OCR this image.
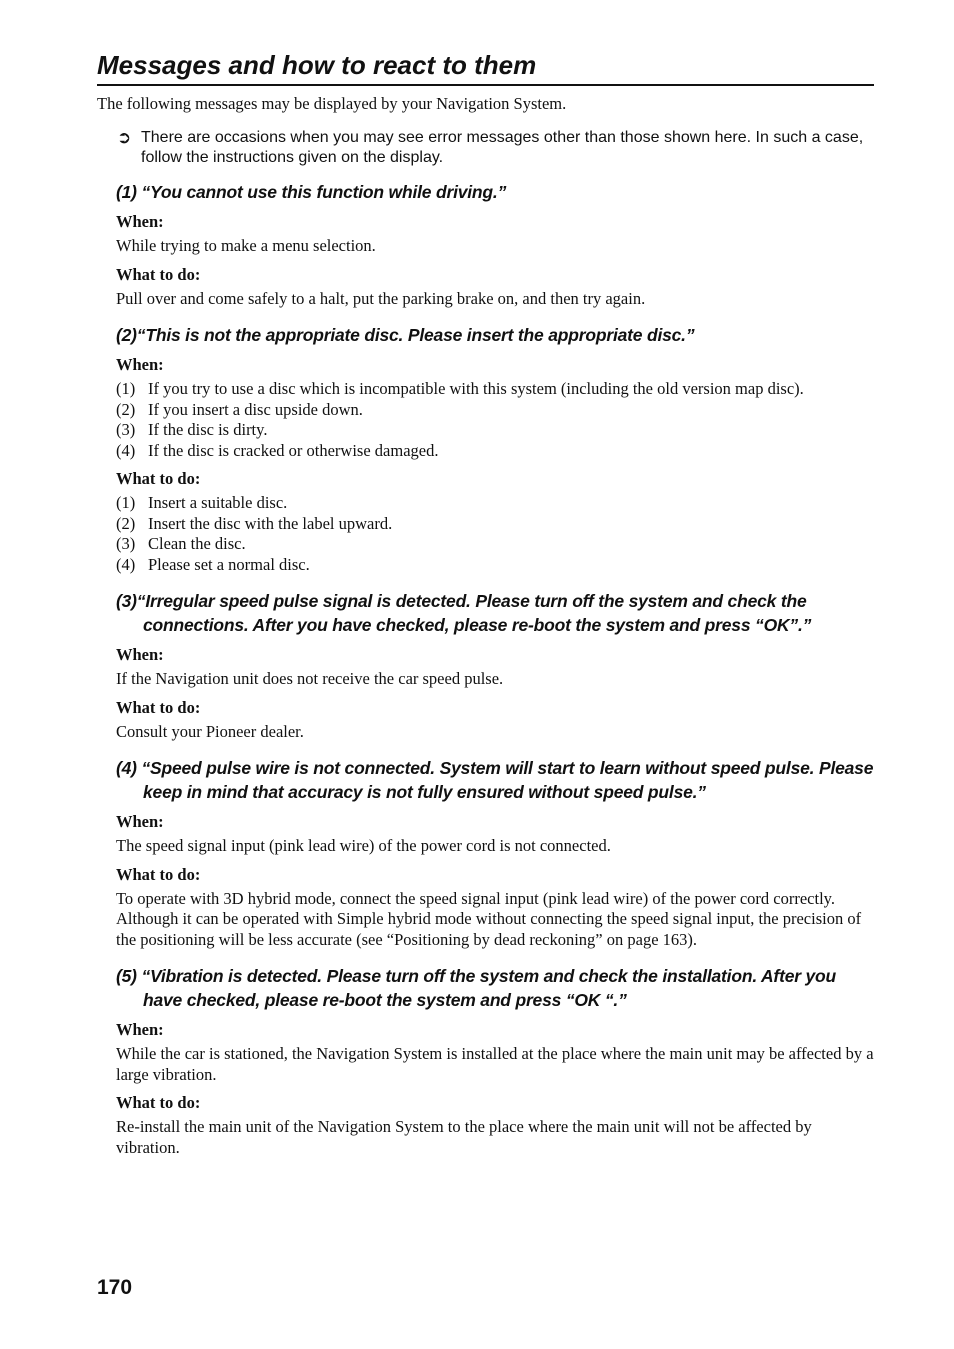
Messages and how to react to them
The following messages may be displayed by your Navigation System.
➲ There are occasions when you may see error messages other than those shown here. In such a case, follow the instructions given on the display.
(1) “You cannot use this function while driving.”

When:

While trying to make a menu selection.

What to do:

Pull over and come safely to a halt, put the parking brake on, and then try again.

(2)“This is not the appropriate disc. Please insert the appropriate disc.”

When:

(1) If you try to use a disc which is incompatible with this system (including the old version map disc).
(2) If you insert a disc upside down.
(3) If the disc is dirty.
(4) If the disc is cracked or otherwise damaged.

What to do:

(1) Insert a suitable disc.
(2) Insert the disc with the label upward.
(3) Clean the disc.
(4) Please set a normal disc.
(3)“Irregular speed pulse signal is detected. Please turn off the system and check the connections. After you have checked, please re-boot the system and press “OK”.”

When:

If the Navigation unit does not receive the car speed pulse.

What to do:

Consult your Pioneer dealer.

(4) “Speed pulse wire is not connected. System will start to learn without speed pulse. Please keep in mind that accuracy is not fully ensured without speed pulse.”

When:

The speed signal input (pink lead wire) of the power cord is not connected.

What to do:

To operate with 3D hybrid mode, connect the speed signal input (pink lead wire) of the power cord correctly. Although it can be operated with Simple hybrid mode without connecting the speed signal input, the precision of the positioning will be less accurate (see “Positioning by dead reckoning” on page 163).

(5) “Vibration is detected. Please turn off the system and check the installation. After you have checked, please re-boot the system and press “OK “.”

When:

While the car is stationed, the Navigation System is installed at the place where the main unit may be affected by a large vibration.

What to do:

Re-install the main unit of the Navigation System to the place where the main unit will not be affected by vibration.

170
